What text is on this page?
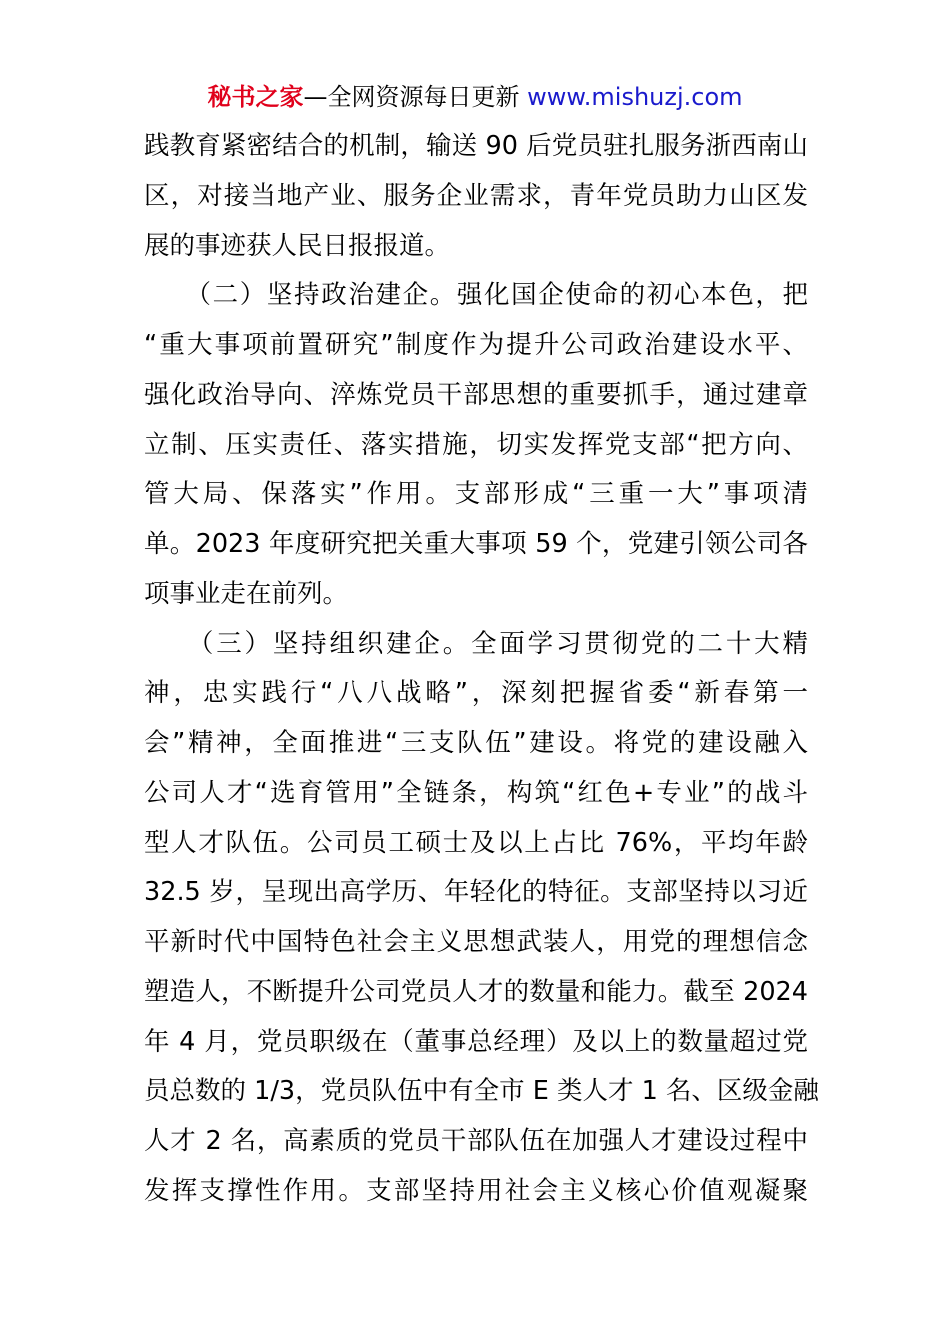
秘书之家—全网资源每日更新 www.mishuzj.com
践教育紧密结合的机制，输送 90 后党员驻扎服务浙西南山
区，对接当地产业、服务企业需求，青年党员助力山区发
展的事迹获人民日报报道。
　　（二）坚持政治建企。强化国企使命的初心本色，把
“重大事项前置研究”制度作为提升公司政治建设水平、
强化政治导向、淬炼党员干部思想的重要抓手，通过建章
立制、压实责任、落实措施，切实发挥党支部“把方向、
管大局、保落实”作用。支部形成“三重一大”事项清
单。2023 年度研究把关重大事项 59 个，党建引领公司各
项事业走在前列。
　　（三）坚持组织建企。全面学习贯彻党的二十大精
神，忠实践行“八八战略”，深刻把握省委“新春第一
会”精神，全面推进“三支队伍”建设。将党的建设融入
公司人才“选育管用”全链条，构筑“红色+专业”的战斗
型人才队伍。公司员工硕士及以上占比 76%，平均年龄
32.5 岁，呈现出高学历、年轻化的特征。支部坚持以习近
平新时代中国特色社会主义思想武装人，用党的理想信念
塑造人，不断提升公司党员人才的数量和能力。截至 2024
年 4 月，党员职级在（董事总经理）及以上的数量超过党
员总数的 1/3，党员队伍中有全市 E 类人才 1 名、区级金融
人才 2 名，高素质的党员干部队伍在加强人才建设过程中
发挥支撑性作用。支部坚持用社会主义核心价值观凝聚
